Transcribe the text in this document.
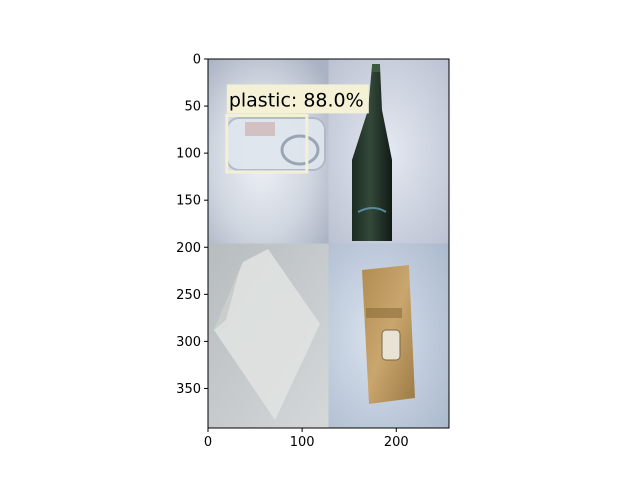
plastic: 88.0%
0	100	200
0
50
100
150
200
250
300
350
